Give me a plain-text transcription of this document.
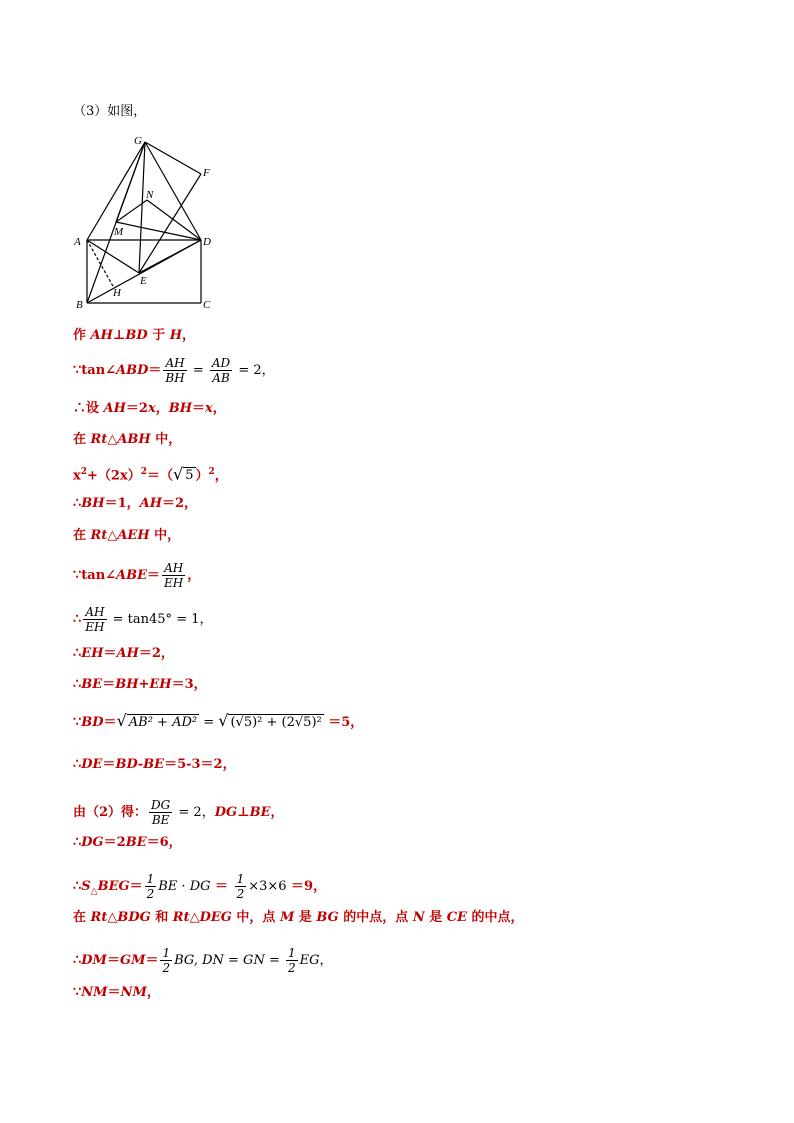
（3）如图，
G
F
N
M
A	D
E
B
H
C
作 AH⊥BD 于 H，
∵tan∠ABD＝ $\frac{AH}{BH} = \frac{AD}{AB} = 2$，
∴设 AH＝2x，BH＝x，
在 Rt△ABH 中，
$x^2+(2x)^2=(√$ 5 ）$^2$，
∴BH＝1，AH＝2，
在 Rt△AEH 中，
∵tan∠ABE＝ $\frac{AH}{EH}$ ，
∴ $\frac{AH}{EH} = \tan 45^\circ = 1$，
∴EH＝AH＝2，
∴BE＝BH+EH＝3，
∵BD＝√ AB² + AD² = √ (√5)² + (2√5)² ＝5，
∴DE＝BD-BE＝5-3＝2，
由（2）得： $\frac{DG}{BE} = 2$，DG⊥BE，
∴DG＝2BE＝6，
$\therefore S_\triangle BEG= \frac{1}{2}$ BE · DG ＝ $\frac{1}{2} \times 3\times 6 =9$，
在 Rt△BDG 和 Rt△DEG 中，点 M 是 BG 的中点，点 N 是 CE 的中点，
∴DM＝GM＝ $\frac{1}{2}$ BG, DN = GN = $\frac{1}{2}$ EG，
∵NM＝NM，
